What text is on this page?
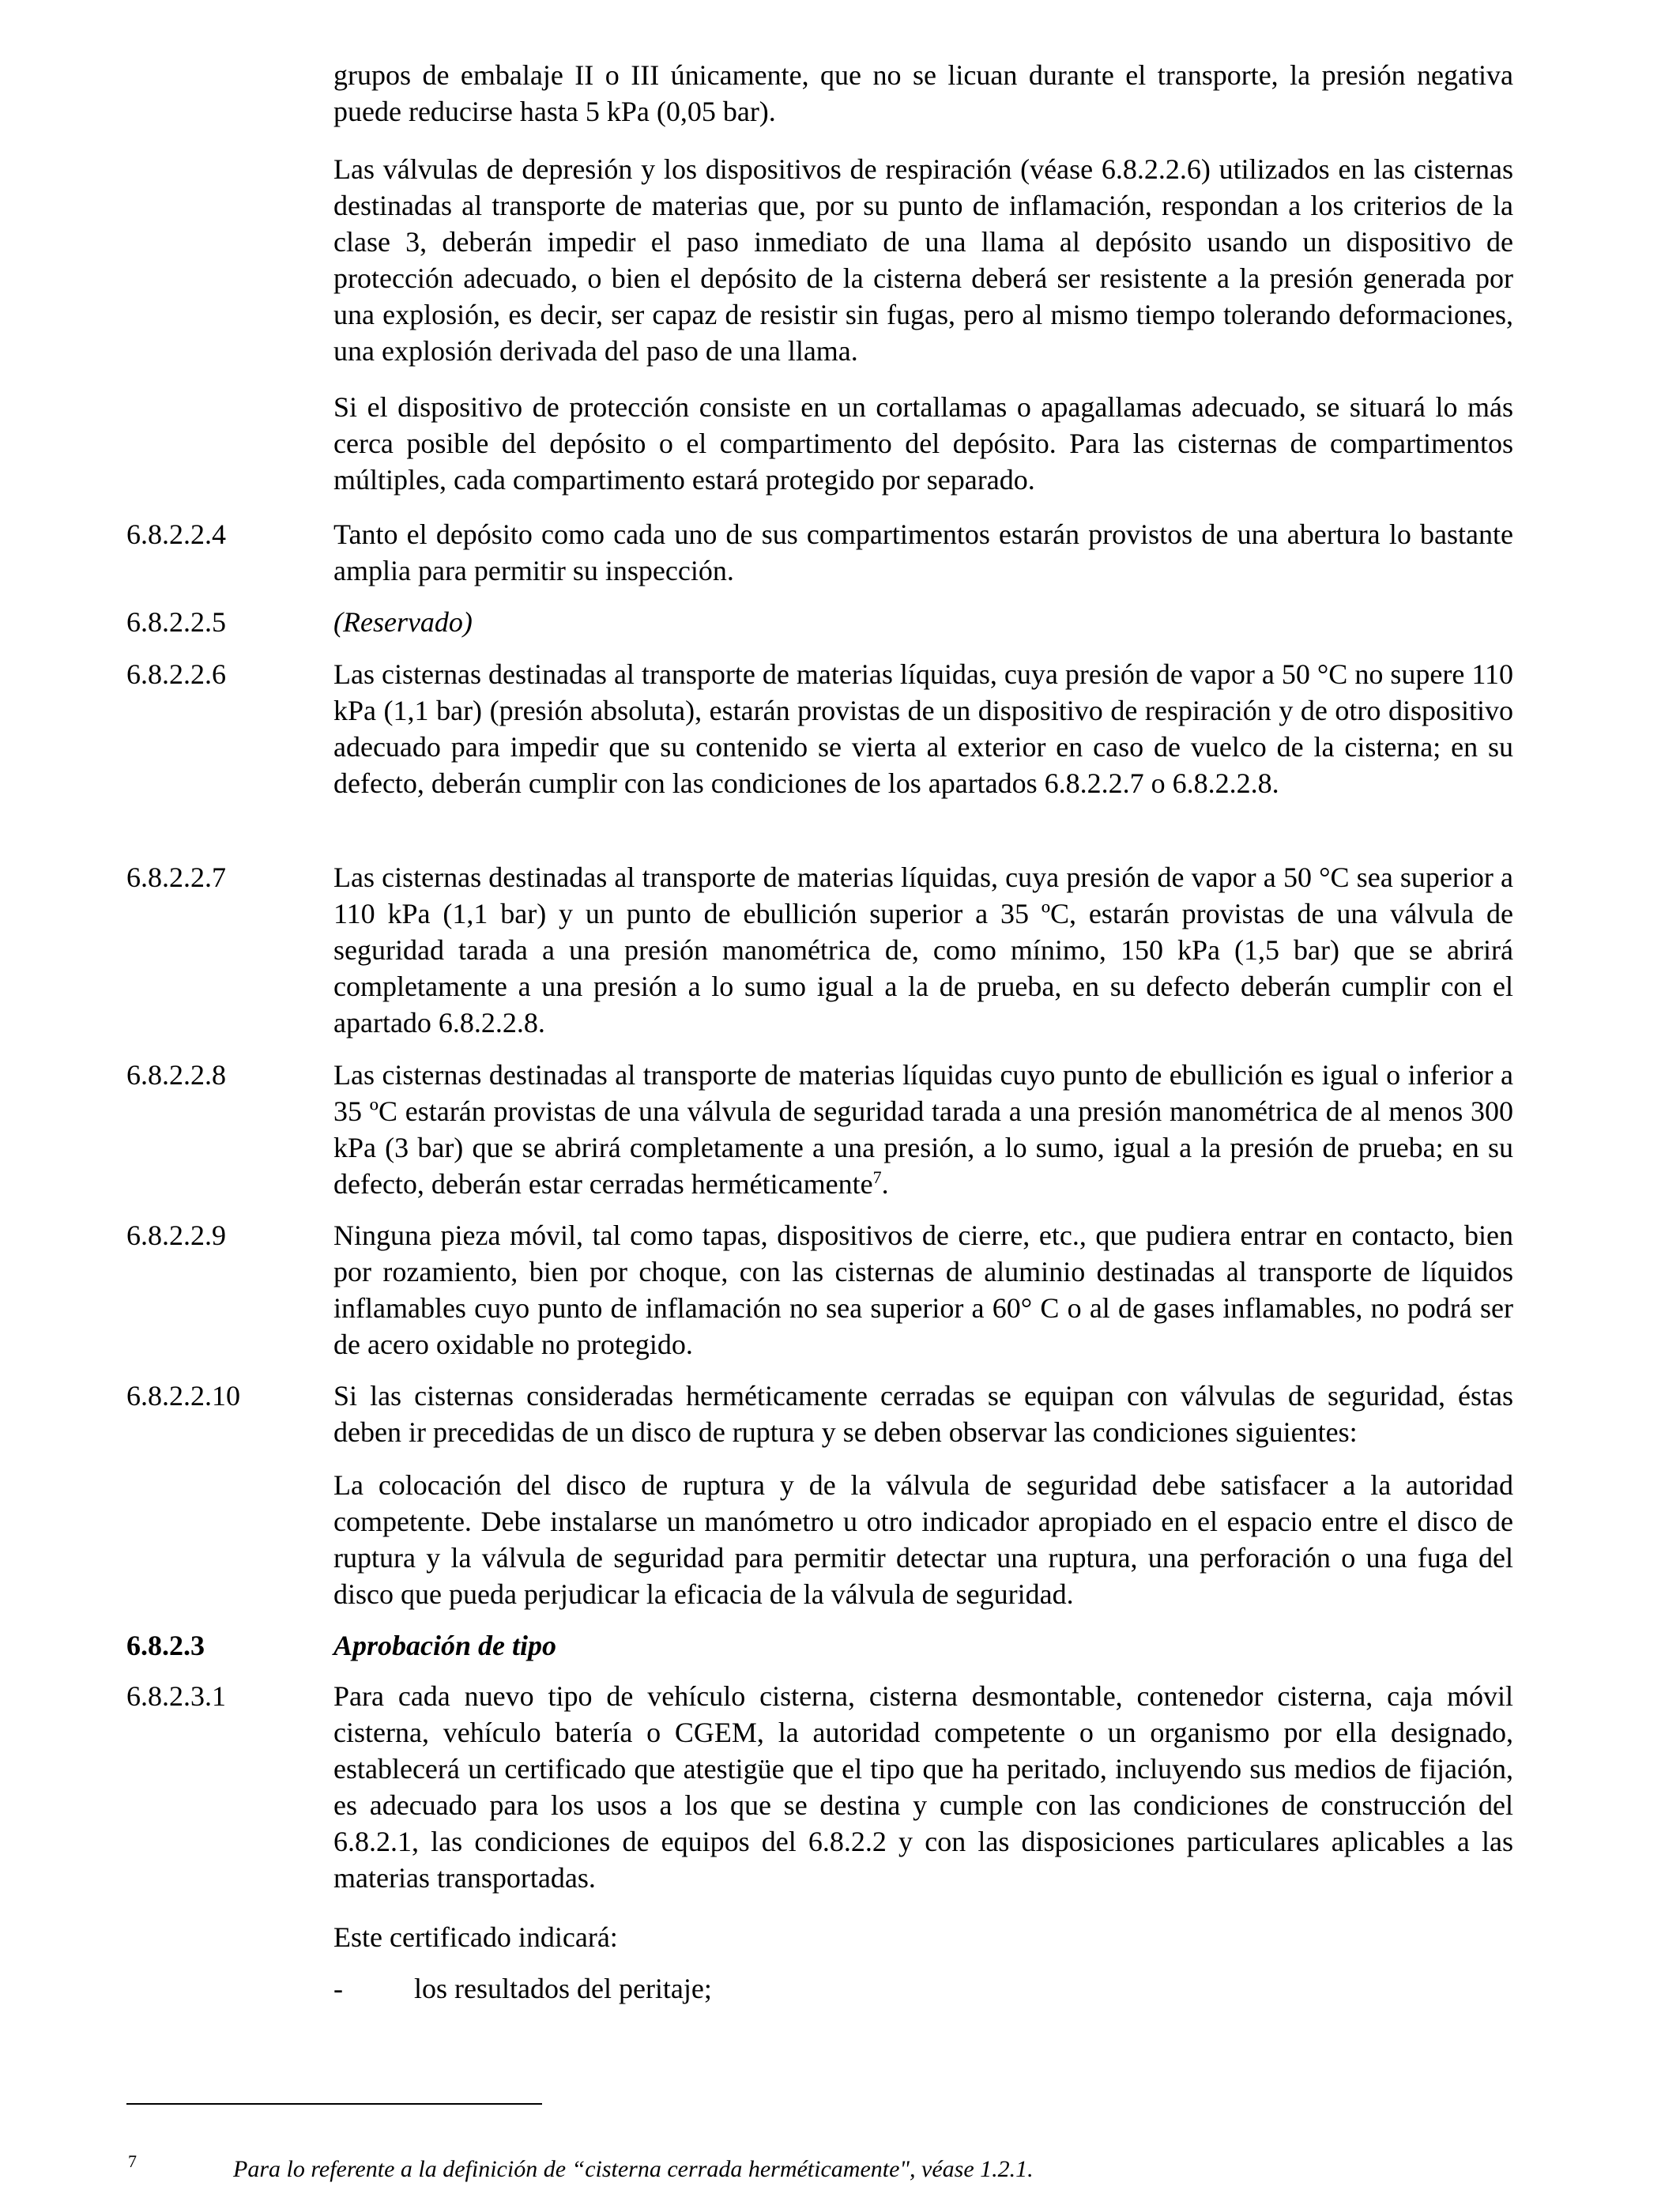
grupos de embalaje II o III únicamente, que no se licuan durante el transporte, la presión negativa puede reducirse hasta 5 kPa (0,05 bar).
Las válvulas de depresión y los dispositivos de respiración (véase 6.8.2.2.6) utilizados en las cisternas destinadas al transporte de materias que, por su punto de inflamación, respondan a los criterios de la clase 3, deberán impedir el paso inmediato de una llama al depósito usando un dispositivo de protección adecuado, o bien el depósito de la cisterna deberá ser resistente a la presión generada por una explosión, es decir, ser capaz de resistir sin fugas, pero al mismo tiempo tolerando deformaciones, una explosión derivada del paso de una llama.
Si el dispositivo de protección consiste en un cortallamas o apagallamas adecuado, se situará lo más cerca posible del depósito o el compartimento del depósito. Para las cisternas de compartimentos múltiples, cada compartimento estará protegido por separado.
6.8.2.2.4	Tanto el depósito como cada uno de sus compartimentos estarán provistos de una abertura lo bastante amplia para permitir su inspección.
6.8.2.2.5	(Reservado)
6.8.2.2.6	Las cisternas destinadas al transporte de materias líquidas, cuya presión de vapor a 50 °C no supere 110 kPa (1,1 bar) (presión absoluta), estarán provistas de un dispositivo de respiración y de otro dispositivo adecuado para impedir que su contenido se vierta al exterior en caso de vuelco de la cisterna; en su defecto, deberán cumplir con las condiciones de los apartados 6.8.2.2.7 o 6.8.2.2.8.
6.8.2.2.7	Las cisternas destinadas al transporte de materias líquidas, cuya presión de vapor a 50 °C sea superior a 110 kPa (1,1 bar) y un punto de ebullición superior a 35 ºC, estarán provistas de una válvula de seguridad tarada a una presión manométrica de, como mínimo, 150 kPa (1,5 bar) que se abrirá completamente a una presión a lo sumo igual a la de prueba, en su defecto deberán cumplir con el apartado 6.8.2.2.8.
6.8.2.2.8	Las cisternas destinadas al transporte de materias líquidas cuyo punto de ebullición es igual o inferior a 35 ºC estarán provistas de una válvula de seguridad tarada a una presión manométrica de al menos 300 kPa (3 bar) que se abrirá completamente a una presión, a lo sumo, igual a la presión de prueba; en su defecto, deberán estar cerradas herméticamente$^7$.
6.8.2.2.9	Ninguna pieza móvil, tal como tapas, dispositivos de cierre, etc., que pudiera entrar en contacto, bien por rozamiento, bien por choque, con las cisternas de aluminio destinadas al transporte de líquidos inflamables cuyo punto de inflamación no sea superior a 60° C o al de gases inflamables, no podrá ser de acero oxidable no protegido.
6.8.2.2.10	Si las cisternas consideradas herméticamente cerradas se equipan con válvulas de seguridad, éstas deben ir precedidas de un disco de ruptura y se deben observar las condiciones siguientes:
La colocación del disco de ruptura y de la válvula de seguridad debe satisfacer a la autoridad competente. Debe instalarse un manómetro u otro indicador apropiado en el espacio entre el disco de ruptura y la válvula de seguridad para permitir detectar una ruptura, una perforación o una fuga del disco que pueda perjudicar la eficacia de la válvula de seguridad.
6.8.2.3	Aprobación de tipo
6.8.2.3.1	Para cada nuevo tipo de vehículo cisterna, cisterna desmontable, contenedor cisterna, caja móvil cisterna, vehículo batería o CGEM, la autoridad competente o un organismo por ella designado, establecerá un certificado que atestigüe que el tipo que ha peritado, incluyendo sus medios de fijación, es adecuado para los usos a los que se destina y cumple con las condiciones de construcción del 6.8.2.1, las condiciones de equipos del 6.8.2.2 y con las disposiciones particulares aplicables a las materias transportadas.
Este certificado indicará:
-	los resultados del peritaje;
7	Para lo referente a la definición de “cisterna cerrada herméticamente", véase 1.2.1.
